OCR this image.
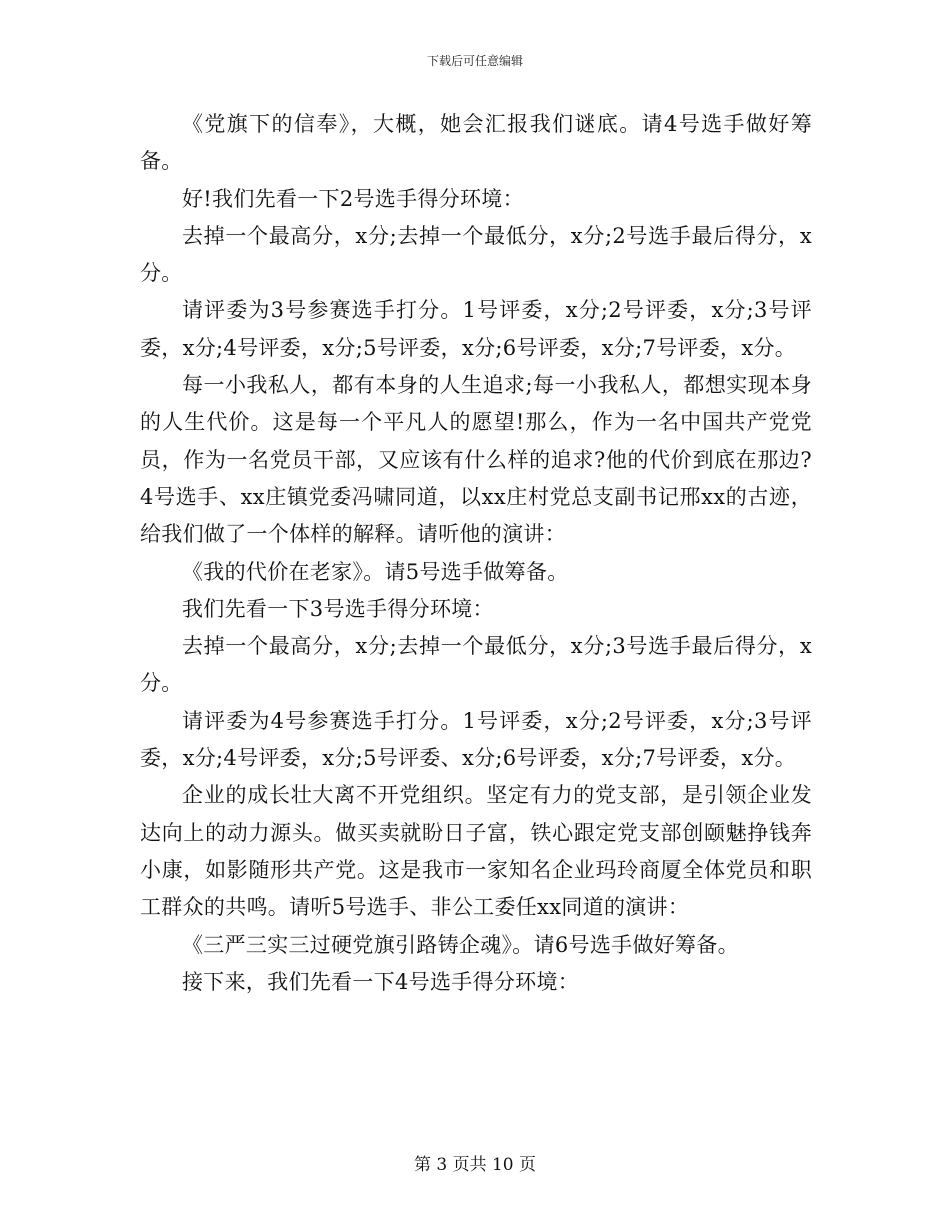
下载后可任意编辑

《党旗下的信奉》，大概，她会汇报我们谜底。请4号选手做好筹备。

好!我们先看一下2号选手得分环境：

去掉一个最高分，x分;去掉一个最低分，x分;2号选手最后得分，x分。

请评委为3号参赛选手打分。1号评委，x分;2号评委，x分;3号评委，x分;4号评委，x分;5号评委，x分;6号评委，x分;7号评委，x分。

每一小我私人，都有本身的人生追求;每一小我私人，都想实现本身的人生代价。这是每一个平凡人的愿望!那么，作为一名中国共产党党员，作为一名党员干部，又应该有什么样的追求?他的代价到底在那边?4号选手、xx庄镇党委冯啸同道，以xx庄村党总支副书记邢xx的古迹，给我们做了一个体样的解释。请听他的演讲：

《我的代价在老家》。请5号选手做筹备。

我们先看一下3号选手得分环境：

去掉一个最高分，x分;去掉一个最低分，x分;3号选手最后得分，x分。

请评委为4号参赛选手打分。1号评委，x分;2号评委，x分;3号评委，x分;4号评委，x分;5号评委、x分;6号评委，x分;7号评委，x分。

企业的成长壮大离不开党组织。坚定有力的党支部，是引领企业发达向上的动力源头。做买卖就盼日子富，铁心跟定党支部创颐魅挣钱奔小康，如影随形共产党。这是我市一家知名企业玛玲商厦全体党员和职工群众的共鸣。请听5号选手、非公工委任xx同道的演讲：

《三严三实三过硬党旗引路铸企魂》。请6号选手做好筹备。

接下来，我们先看一下4号选手得分环境：

第 3 页共 10 页
